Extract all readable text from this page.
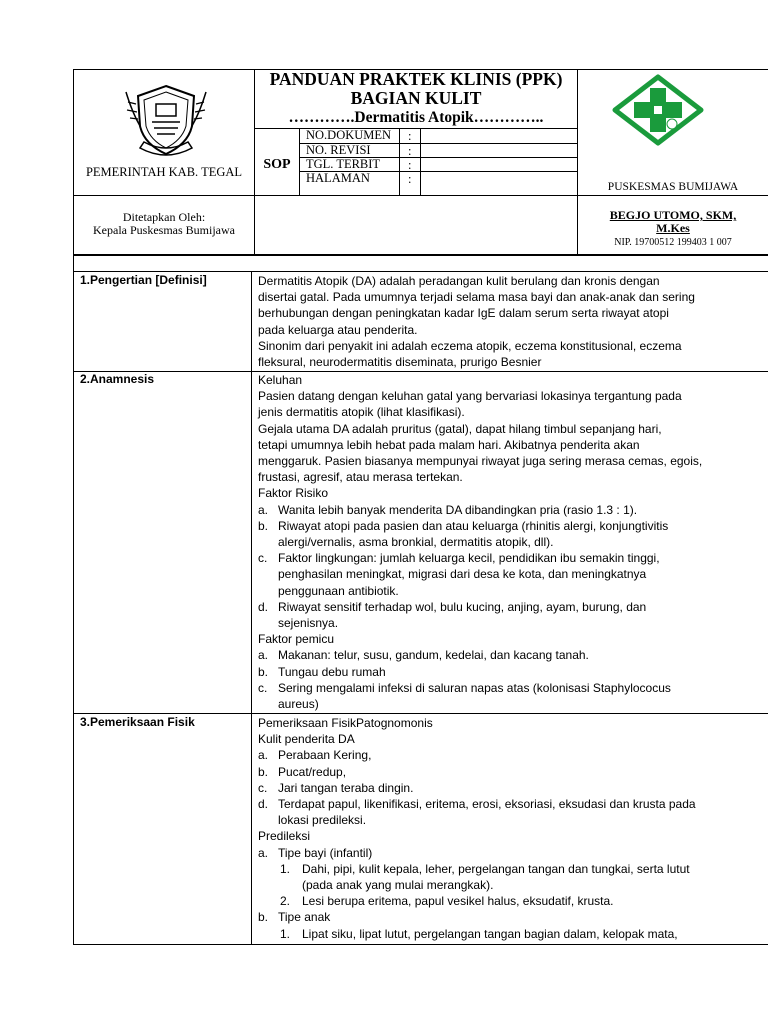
PEMERINTAH KAB. TEGAL
PANDUAN PRAKTEK KLINIS (PPK)
BAGIAN KULIT
………….Dermatitis Atopik…………..
SOP
NO.DOKUMEN :
NO. REVISI	:
TGL. TERBIT :
HALAMAN	:
PUSKESMAS BUMIJAWA
Ditetapkan Oleh:
Kepala Puskesmas Bumijawa
BEGJO UTOMO, SKM,
M.Kes
NIP. 19700512 199403 1 007
1.Pengertian [Definisi]	Dermatitis Atopik (DA) adalah peradangan kulit berulang dan kronis dengan

disertai gatal. Pada umumnya terjadi selama masa bayi dan anak-anak dan sering

berhubungan dengan peningkatan kadar IgE dalam serum serta riwayat atopi

pada keluarga atau penderita.

Sinonim dari penyakit ini adalah eczema atopik, eczema konstitusional, eczema

fleksural, neurodermatitis diseminata, prurigo Besnier

2.Anamnesis	Keluhan

Pasien datang dengan keluhan gatal yang bervariasi lokasinya tergantung pada

jenis dermatitis atopik (lihat klasifikasi).

Gejala utama DA adalah pruritus (gatal), dapat hilang timbul sepanjang hari,

tetapi umumnya lebih hebat pada malam hari. Akibatnya penderita akan

menggaruk. Pasien biasanya mempunyai riwayat juga sering merasa cemas, egois,

frustasi, agresif, atau merasa tertekan.

Faktor Risiko

a. Wanita lebih banyak menderita DA dibandingkan pria (rasio 1.3 : 1).

b. Riwayat atopi pada pasien dan atau keluarga (rhinitis alergi, konjungtivitis

alergi/vernalis, asma bronkial, dermatitis atopik, dll).

c. Faktor lingkungan: jumlah keluarga kecil, pendidikan ibu semakin tinggi,

penghasilan meningkat, migrasi dari desa ke kota, dan meningkatnya

penggunaan antibiotik.

d. Riwayat sensitif terhadap wol, bulu kucing, anjing, ayam, burung, dan

sejenisnya.

Faktor pemicu

a. Makanan: telur, susu, gandum, kedelai, dan kacang tanah.

b. Tungau debu rumah

c. Sering mengalami infeksi di saluran napas atas (kolonisasi Staphylococus

aureus)

3.Pemeriksaan Fisik	Pemeriksaan FisikPatognomonis

Kulit penderita DA

a. Perabaan Kering,

b. Pucat/redup,

c. Jari tangan teraba dingin.

d. Terdapat papul, likenifikasi, eritema, erosi, eksoriasi, eksudasi dan krusta pada

lokasi predileksi.

Predileksi

a. Tipe bayi (infantil)

1. Dahi, pipi, kulit kepala, leher, pergelangan tangan dan tungkai, serta lutut

(pada anak yang mulai merangkak).

2. Lesi berupa eritema, papul vesikel halus, eksudatif, krusta.

b. Tipe anak

1. Lipat siku, lipat lutut, pergelangan tangan bagian dalam, kelopak mata,
